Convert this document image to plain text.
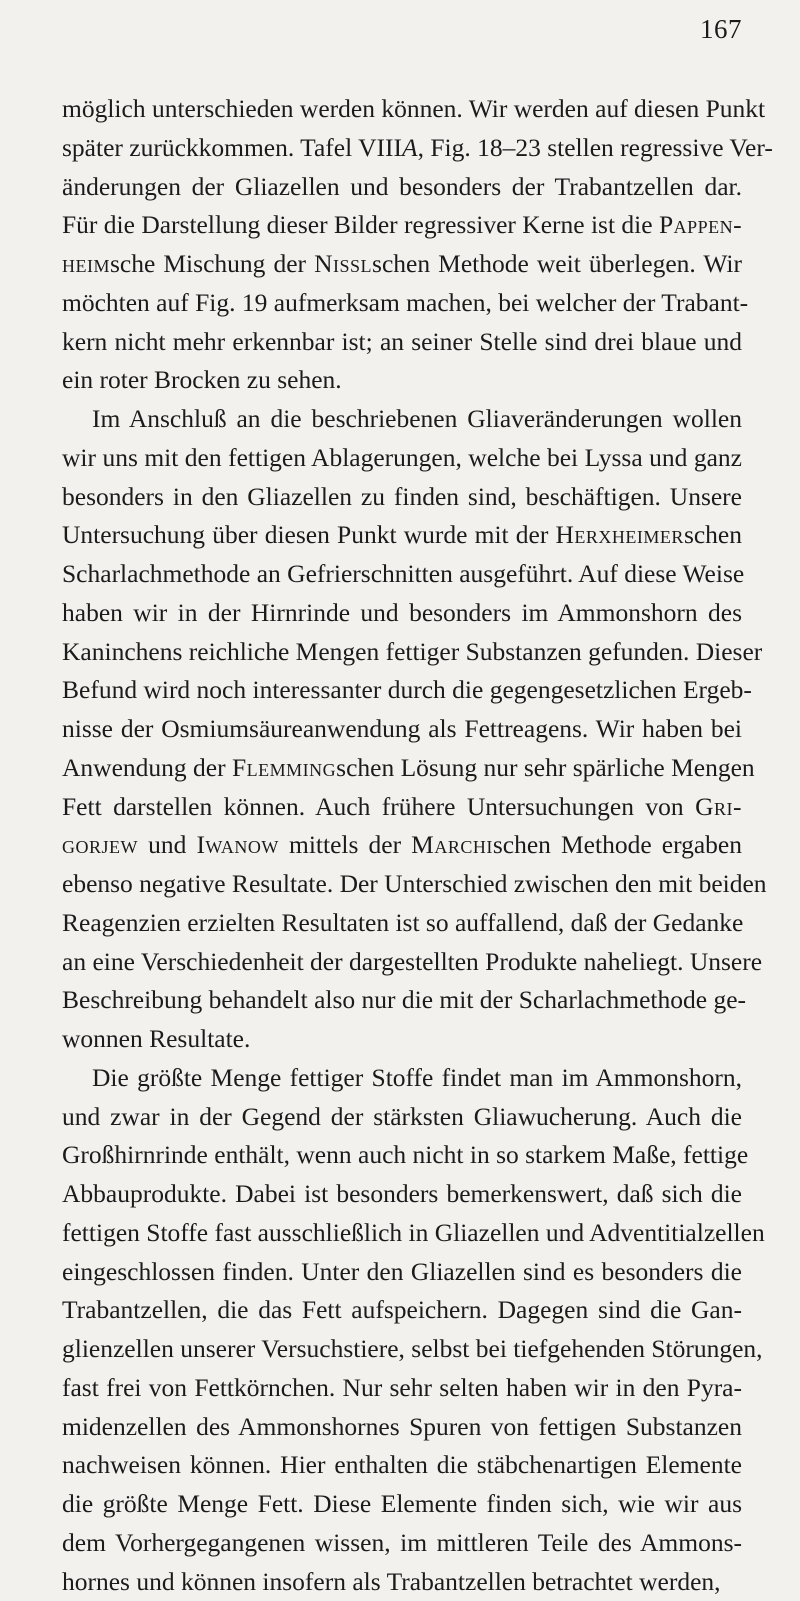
167
möglich unterschieden werden können. Wir werden auf diesen Punkt
später zurückkommen. Tafel VIIIA, Fig. 18–23 stellen regressive Ver-
änderungen der Gliazellen und besonders der Trabantzellen dar.
Für die Darstellung dieser Bilder regressiver Kerne ist die Pappen-
heimsche Mischung der Nisslschen Methode weit überlegen. Wir
möchten auf Fig. 19 aufmerksam machen, bei welcher der Trabant-
kern nicht mehr erkennbar ist; an seiner Stelle sind drei blaue und
ein roter Brocken zu sehen.
Im Anschluß an die beschriebenen Gliaveränderungen wollen
wir uns mit den fettigen Ablagerungen, welche bei Lyssa und ganz
besonders in den Gliazellen zu finden sind, beschäftigen. Unsere
Untersuchung über diesen Punkt wurde mit der Herxheimerschen
Scharlachmethode an Gefrierschnitten ausgeführt. Auf diese Weise
haben wir in der Hirnrinde und besonders im Ammonshorn des
Kaninchens reichliche Mengen fettiger Substanzen gefunden. Dieser
Befund wird noch interessanter durch die gegengesetzlichen Ergeb-
nisse der Osmiumsäureanwendung als Fettreagens. Wir haben bei
Anwendung der Flemmingschen Lösung nur sehr spärliche Mengen
Fett darstellen können. Auch frühere Untersuchungen von Gri-
gorjew und Iwanow mittels der Marchischen Methode ergaben
ebenso negative Resultate. Der Unterschied zwischen den mit beiden
Reagenzien erzielten Resultaten ist so auffallend, daß der Gedanke
an eine Verschiedenheit der dargestellten Produkte naheliegt. Unsere
Beschreibung behandelt also nur die mit der Scharlachmethode ge-
wonnen Resultate.
Die größte Menge fettiger Stoffe findet man im Ammonshorn,
und zwar in der Gegend der stärksten Gliawucherung. Auch die
Großhirnrinde enthält, wenn auch nicht in so starkem Maße, fettige
Abbauprodukte. Dabei ist besonders bemerkenswert, daß sich die
fettigen Stoffe fast ausschließlich in Gliazellen und Adventitialzellen
eingeschlossen finden. Unter den Gliazellen sind es besonders die
Trabantzellen, die das Fett aufspeichern. Dagegen sind die Gan-
glienzellen unserer Versuchstiere, selbst bei tiefgehenden Störungen,
fast frei von Fettkörnchen. Nur sehr selten haben wir in den Pyra-
midenzellen des Ammonshornes Spuren von fettigen Substanzen
nachweisen können. Hier enthalten die stäbchenartigen Elemente
die größte Menge Fett. Diese Elemente finden sich, wie wir aus
dem Vorhergegangenen wissen, im mittleren Teile des Ammons-
hornes und können insofern als Trabantzellen betrachtet werden,
